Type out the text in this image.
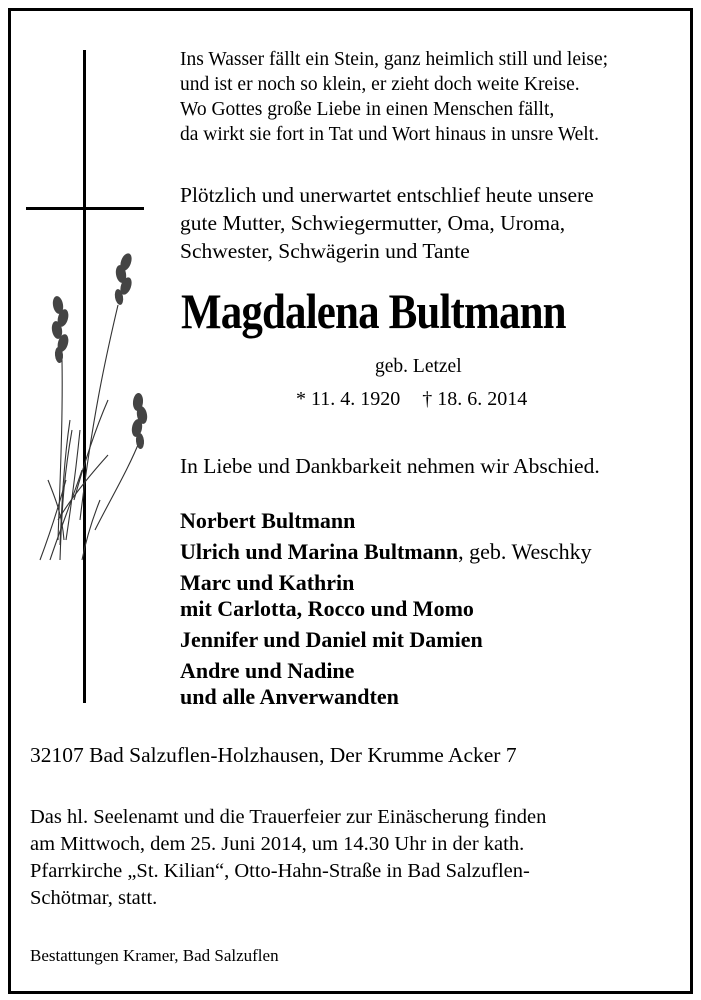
Ins Wasser fällt ein Stein, ganz heimlich still und leise;
und ist er noch so klein, er zieht doch weite Kreise.
Wo Gottes große Liebe in einen Menschen fällt,
da wirkt sie fort in Tat und Wort hinaus in unsre Welt.
Plötzlich und unerwartet entschlief heute unsere
gute Mutter, Schwiegermutter, Oma, Uroma,
Schwester, Schwägerin und Tante
Magdalena Bultmann
geb. Letzel
* 11. 4. 1920 † 18. 6. 2014
In Liebe und Dankbarkeit nehmen wir Abschied.
Norbert Bultmann
Ulrich und Marina Bultmann, geb. Weschky
Marc und Kathrin
mit Carlotta, Rocco und Momo
Jennifer und Daniel mit Damien
Andre und Nadine
und alle Anverwandten
32107 Bad Salzuflen-Holzhausen, Der Krumme Acker 7
Das hl. Seelenamt und die Trauerfeier zur Einäscherung finden
am Mittwoch, dem 25. Juni 2014, um 14.30 Uhr in der kath.
Pfarrkirche „St. Kilian“, Otto-Hahn-Straße in Bad Salzuflen-
Schötmar, statt.
Bestattungen Kramer, Bad Salzuflen
